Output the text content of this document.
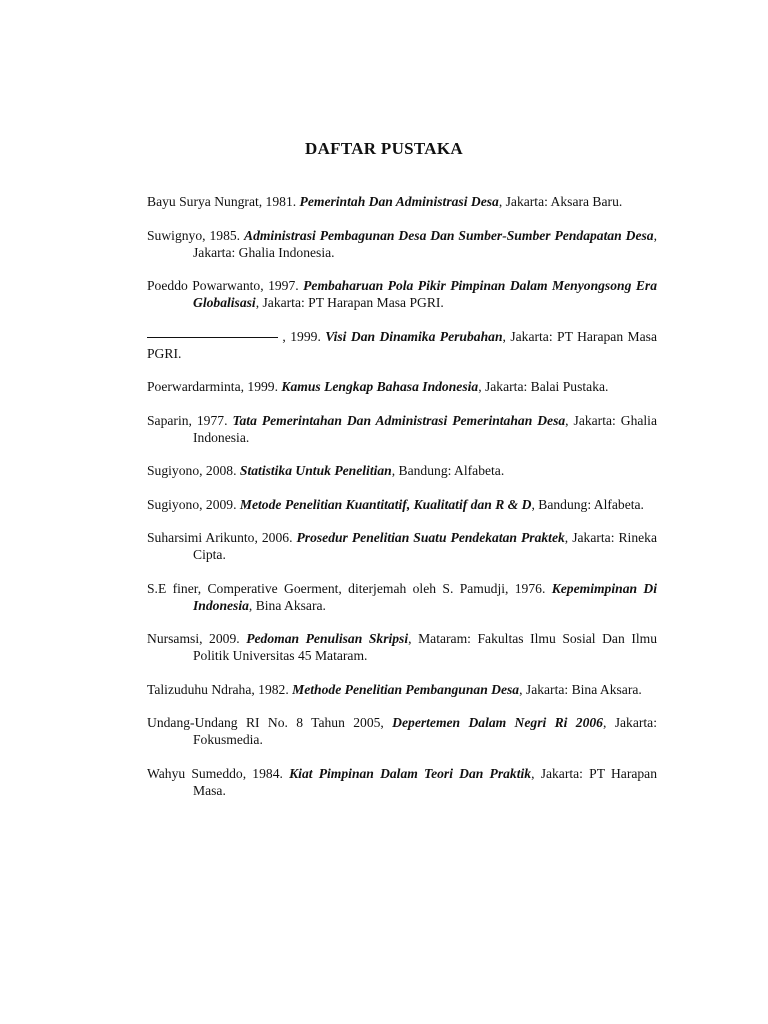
DAFTAR PUSTAKA

Bayu Surya Nungrat, 1981. Pemerintah Dan Administrasi Desa, Jakarta: Aksara Baru.

Suwignyo, 1985. Administrasi Pembagunan Desa Dan Sumber-Sumber Pendapatan Desa, Jakarta: Ghalia Indonesia.

Poeddo Powarwanto, 1997. Pembaharuan Pola Pikir Pimpinan Dalam Menyongsong Era Globalisasi, Jakarta: PT Harapan Masa PGRI.

, 1999. Visi Dan Dinamika Perubahan, Jakarta: PT Harapan Masa PGRI.

Poerwardarminta, 1999. Kamus Lengkap Bahasa Indonesia, Jakarta: Balai Pustaka.

Saparin, 1977. Tata Pemerintahan Dan Administrasi Pemerintahan Desa, Jakarta: Ghalia Indonesia.

Sugiyono, 2008. Statistika Untuk Penelitian, Bandung: Alfabeta.

Sugiyono, 2009. Metode Penelitian Kuantitatif, Kualitatif dan R & D, Bandung: Alfabeta.

Suharsimi Arikunto, 2006. Prosedur Penelitian Suatu Pendekatan Praktek, Jakarta: Rineka Cipta.

S.E finer, Comperative Goerment, diterjemah oleh S. Pamudji, 1976. Kepemimpinan Di Indonesia, Bina Aksara.

Nursamsi, 2009. Pedoman Penulisan Skripsi, Mataram: Fakultas Ilmu Sosial Dan Ilmu Politik Universitas 45 Mataram.

Talizuduhu Ndraha, 1982. Methode Penelitian Pembangunan Desa, Jakarta: Bina Aksara.

Undang-Undang RI No. 8 Tahun 2005, Depertemen Dalam Negri Ri 2006, Jakarta: Fokusmedia.

Wahyu Sumeddo, 1984. Kiat Pimpinan Dalam Teori Dan Praktik, Jakarta: PT Harapan Masa.
